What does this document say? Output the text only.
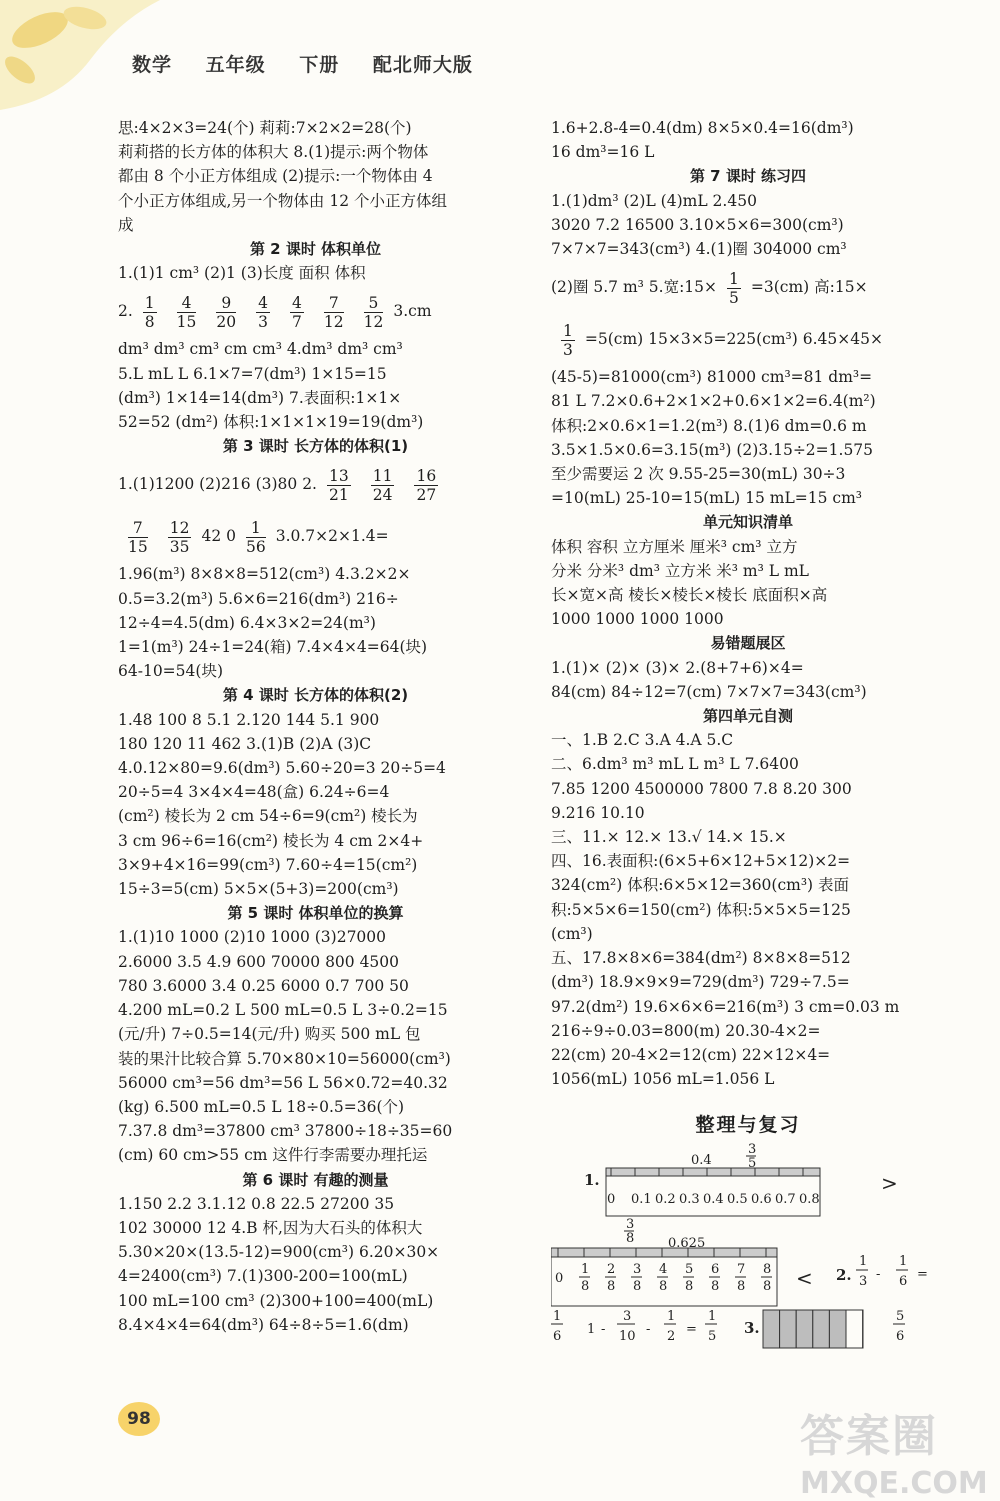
数学 五年级 下册 配北师大版
思:4×2×3=24(个) 莉莉:7×2×2=28(个)
莉莉搭的长方体的体积大 8.(1)提示:两个物体
都由 8 个小正方体组成 (2)提示:一个物体由 4
个小正方体组成,另一个物体由 12 个小正方体组
成
第 2 课时 体积单位
1.(1)1 cm³ (2)1 (3)长度 面积 体积
2. $\frac{1}{8} \frac{4}{15} \frac{9}{20} \frac{4}{3} \frac{4}{7} \frac{7}{12} \frac{5}{12} 3.cm$
dm³ dm³ cm³ cm cm³ 4.dm³ dm³ cm³
5.L mL L 6.1×7=7(dm³) 1×15=15
(dm³) 1×14=14(dm³) 7.表面积:1×1×
52=52 (dm²) 体积:1×1×1×19=19(dm³)
第 3 课时 长方体的体积(1)
1.(1)1200 (2)216 (3)80 2. $\frac{13}{21} \frac{11}{24} \frac{16}{27}$
$\frac{7}{15} \frac{12}{35} 42$ $0 \frac{1}{56} 3.0.7\times 2\times 1.4=$
1.96(m³) 8×8×8=512(cm³) 4.3.2×2×
0.5=3.2(m³) 5.6×6=216(dm³) 216÷
12÷4=4.5(dm) 6.4×3×2=24(m³)
1=1(m³) 24÷1=24(箱) 7.4×4×4=64(块)
64-10=54(块)
第 4 课时 长方体的体积(2)
1.48 100 8 5.1 2.120 144 5.1 900
180 120 11 462 3.(1)B (2)A (3)C
4.0.12×80=9.6(dm³) 5.60÷20=3 20÷5=4
20÷5=4 3×4×4=48(盒) 6.24÷6=4
(cm²) 棱长为 2 cm 54÷6=9(cm²) 棱长为
3 cm 96÷6=16(cm²) 棱长为 4 cm 2×4+
3×9+4×16=99(cm³) 7.60÷4=15(cm²)
15÷3=5(cm) 5×5×(5+3)=200(cm³)
第 5 课时 体积单位的换算
1.(1)10 1000 (2)10 1000 (3)27000
2.6000 3.5 4.9 600 70000 800 4500
780 3.6000 3.4 0.25 6000 0.7 700 50
4.200 mL=0.2 L 500 mL=0.5 L 3÷0.2=15
(元/升) 7÷0.5=14(元/升) 购买 500 mL 包
装的果汁比较合算 5.70×80×10=56000(cm³)
56000 cm³=56 dm³=56 L 56×0.72=40.32
(kg) 6.500 mL=0.5 L 18÷0.5=36(个)
7.37.8 dm³=37800 cm³ 37800÷18÷35=60
(cm) 60 cm>55 cm 这件行李需要办理托运
第 6 课时 有趣的测量
1.150 2.2 3.1.12 0.8 22.5 27200 35
102 30000 12 4.B 杯,因为大石头的体积大
5.30×20×(13.5-12)=900(cm³) 6.20×30×
4=2400(cm³) 7.(1)300-200=100(mL)
100 mL=100 cm³ (2)300+100=400(mL)
8.4×4×4=64(dm³) 64÷8÷5=1.6(dm)
1.6+2.8-4=0.4(dm) 8×5×0.4=16(dm³)
16 dm³=16 L
第 7 课时 练习四
1.(1)dm³ (2)L (4)mL 2.450
3020 7.2 16500 3.10×5×6=300(cm³)
7×7×7=343(cm³) 4.(1)圈 304000 cm³
(2)圈 5.7 m³ 5.宽:15× $\frac{1}{5} =3(cm)$ 高:15×
$\frac{1}{3} =5(cm)$ 15×3×5=225(cm³) 6.45×45×
(45-5)=81000(cm³) 81000 cm³=81 dm³=
81 L 7.2×0.6+2×1×2+0.6×1×2=6.4(m²)
体积:2×0.6×1=1.2(m³) 8.(1)6 dm=0.6 m
3.5×1.5×0.6=3.15(m³) (2)3.15÷2=1.575
至少需要运 2 次 9.55-25=30(mL) 30÷3
=10(mL) 25-10=15(mL) 15 mL=15 cm³
单元知识清单
体积 容积 立方厘米 厘米³ cm³ 立方
分米 分米³ dm³ 立方米 米³ m³ L mL
长×宽×高 棱长×棱长×棱长 底面积×高
1000 1000 1000 1000
易错题展区
1.(1)× (2)× (3)× 2.(8+7+6)×4=
84(cm) 84÷12=7(cm) 7×7×7=343(cm³)
第四单元自测
一、1.B 2.C 3.A 4.A 5.C
二、6.dm³ m³ mL L m³ L 7.6400
7.85 1200 4500000 7800 7.8 8.20 300
9.216 10.10
三、11.× 12.× 13.√ 14.× 15.×
四、16.表面积:(6×5+6×12+5×12)×2=
324(cm²) 体积:6×5×12=360(cm³) 表面
积:5×5×6=150(cm²) 体积:5×5×5=125
(cm³)
五、17.8×8×6=384(dm²) 8×8×8=512
(dm³) 18.9×9×9=729(dm³) 729÷7.5=
97.2(dm²) 19.6×6×6=216(m³) 3 cm=0.03 m
216÷9÷0.03=800(m) 20.30-4×2=
22(cm) 20-4×2=12(cm) 22×12×4=
1056(mL) 1056 mL=1.056 L
整理与复习
1.
0 0.1 0.2 0.3 0.4 0.5 0.6 0.7 0.8
0.4
3
5
>
0
1
8
2
8
3
8
4
8
5
8
6
8
7
8
8
8
3
8	0.625
< 2.
1
3 -
1
6 =
1
6 1 -
3
10 -
1
2 =
1
5 3.
5
6
98	答案圈
MXQE.COM
